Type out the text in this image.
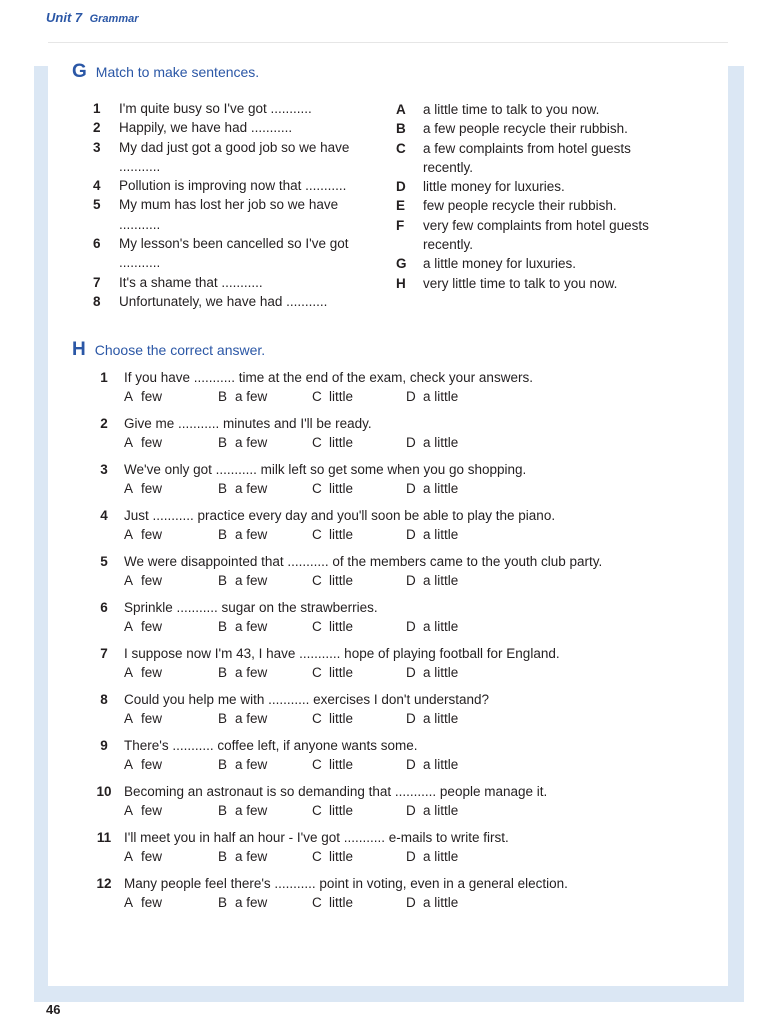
Unit 7 Grammar
G Match to make sentences.
1	I'm quite busy so I've got ...........
2	Happily, we have had ...........
3	My dad just got a good job so we have ...........
4	Pollution is improving now that ...........
5	My mum has lost her job so we have ...........
6	My lesson's been cancelled so I've got ...........
7	It's a shame that ...........
8	Unfortunately, we have had ...........
A	a little time to talk to you now.
B	a few people recycle their rubbish.
C	a few complaints from hotel guests recently.
D	little money for luxuries.
E	few people recycle their rubbish.
F	very few complaints from hotel guests recently.
G	a little money for luxuries.
H	very little time to talk to you now.
H Choose the correct answer.
1	If you have ........... time at the end of the exam, check your answers.
A few	B a few	C little	D a little
2	Give me ........... minutes and I'll be ready.
A few	B a few	C little	D a little
3	We've only got ........... milk left so get some when you go shopping.
A few	B a few	C little	D a little
4	Just ........... practice every day and you'll soon be able to play the piano.
A few	B a few	C little	D a little
5	We were disappointed that ........... of the members came to the youth club party.
A few	B a few	C little	D a little
6	Sprinkle ........... sugar on the strawberries.
A few	B a few	C little	D a little
7	I suppose now I'm 43, I have ........... hope of playing football for England.
A few	B a few	C little	D a little
8	Could you help me with ........... exercises I don't understand?
A few	B a few	C little	D a little
9	There's ........... coffee left, if anyone wants some.
A few	B a few	C little	D a little
10 Becoming an astronaut is so demanding that ........... people manage it.
A few	B a few	C little	D a little
11 I'll meet you in half an hour - I've got ........... e-mails to write first.
A few	B a few	C little	D a little
12 Many people feel there's ........... point in voting, even in a general election.
A few	B a few	C little	D a little
46
